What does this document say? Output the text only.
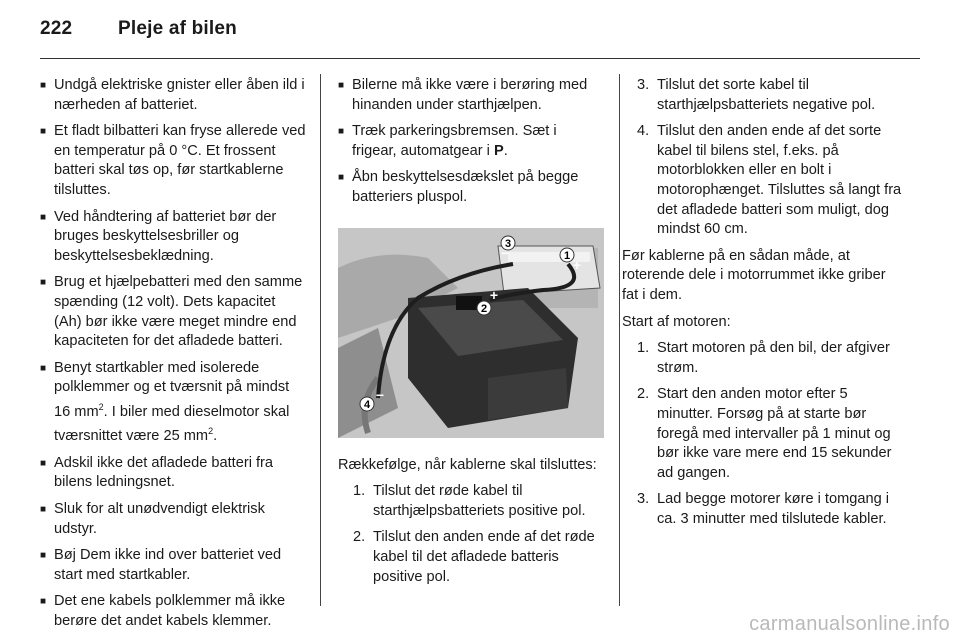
222 Pleje af bilen
■ Undgå elektriske gnister eller åben ild i nærheden af batteriet.
■ Et fladt bilbatteri kan fryse allerede ved en temperatur på 0 °C. Et frossent batteri skal tøs op, før startkablerne tilsluttes.
■ Ved håndtering af batteriet bør der bruges beskyttelsesbriller og beskyttelsesbeklædning.
■ Brug et hjælpebatteri med den samme spænding (12 volt). Dets kapacitet (Ah) bør ikke være meget mindre end kapaciteten for det afladede batteri.
■ Benyt startkabler med isolerede polklemmer og et tværsnit på mindst 16 $mm^2$. I biler med dieselmotor skal tværsnittet være 25 $mm^2$.
■ Adskil ikke det afladede batteri fra bilens ledningsnet.
■ Sluk for alt unødvendigt elektrisk udstyr.
■ Bøj Dem ikke ind over batteriet ved start med startkabler.
■ Det ene kabels polklemmer må ikke berøre det andet kabels klemmer.
■ Bilerne må ikke være i berøring med hinanden under starthjælpen.
■ Træk parkeringsbremsen. Sæt i frigear, automatgear i P.
■ Åbn beskyttelsesdækslet på begge batteriers pluspol.
1
2
3
4
+
+
−
−
Rækkefølge, når kablerne skal tilsluttes:
1. Tilslut det røde kabel til starthjælpsbatteriets positive pol.
2. Tilslut den anden ende af det røde kabel til det afladede batteris positive pol.
3. Tilslut det sorte kabel til starthjælpsbatteriets negative pol.
4. Tilslut den anden ende af det sorte kabel til bilens stel, f.eks. på motorblokken eller en bolt i motorophænget. Tilsluttes så langt fra det afladede batteri som muligt, dog mindst 60 cm.
Før kablerne på en sådan måde, at roterende dele i motorrummet ikke griber fat i dem.
Start af motoren:
1. Start motoren på den bil, der afgiver strøm.
2. Start den anden motor efter 5 minutter. Forsøg på at starte bør foregå med intervaller på 1 minut og bør ikke vare mere end 15 sekunder ad gangen.
3. Lad begge motorer køre i tomgang i ca. 3 minutter med tilslutede kabler.
carmanualsonline.info
